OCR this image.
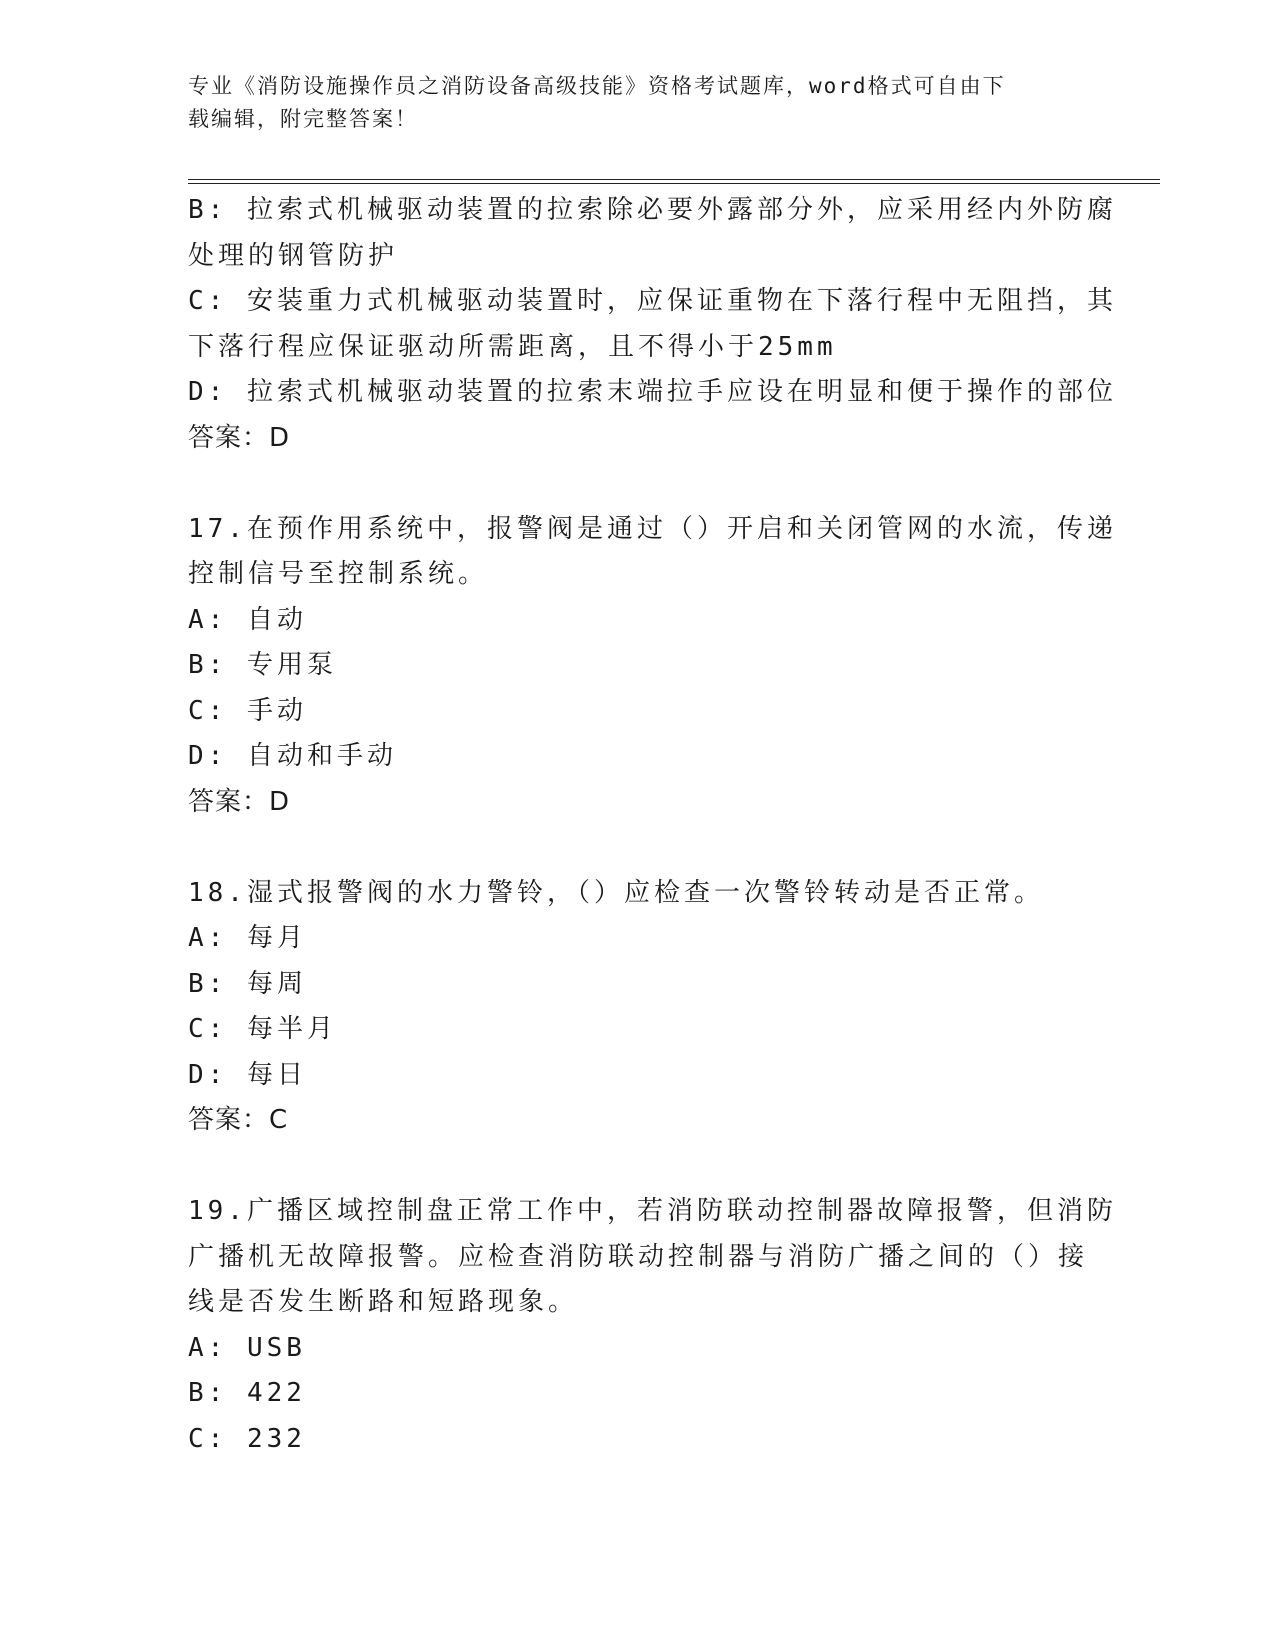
专业《消防设施操作员之消防设备高级技能》资格考试题库，word格式可自由下
载编辑，附完整答案！
B: 拉索式机械驱动装置的拉索除必要外露部分外，应采用经内外防腐
处理的钢管防护
C: 安装重力式机械驱动装置时，应保证重物在下落行程中无阻挡，其
下落行程应保证驱动所需距离，且不得小于25mm
D: 拉索式机械驱动装置的拉索末端拉手应设在明显和便于操作的部位
答案：D
17.在预作用系统中，报警阀是通过（）开启和关闭管网的水流，传递
控制信号至控制系统。
A: 自动
B: 专用泵
C: 手动
D: 自动和手动
答案：D
18.湿式报警阀的水力警铃，（）应检查一次警铃转动是否正常。
A: 每月
B: 每周
C: 每半月
D: 每日
答案：C
19.广播区域控制盘正常工作中，若消防联动控制器故障报警，但消防
广播机无故障报警。应检查消防联动控制器与消防广播之间的（）接
线是否发生断路和短路现象。
A: USB
B: 422
C: 232
